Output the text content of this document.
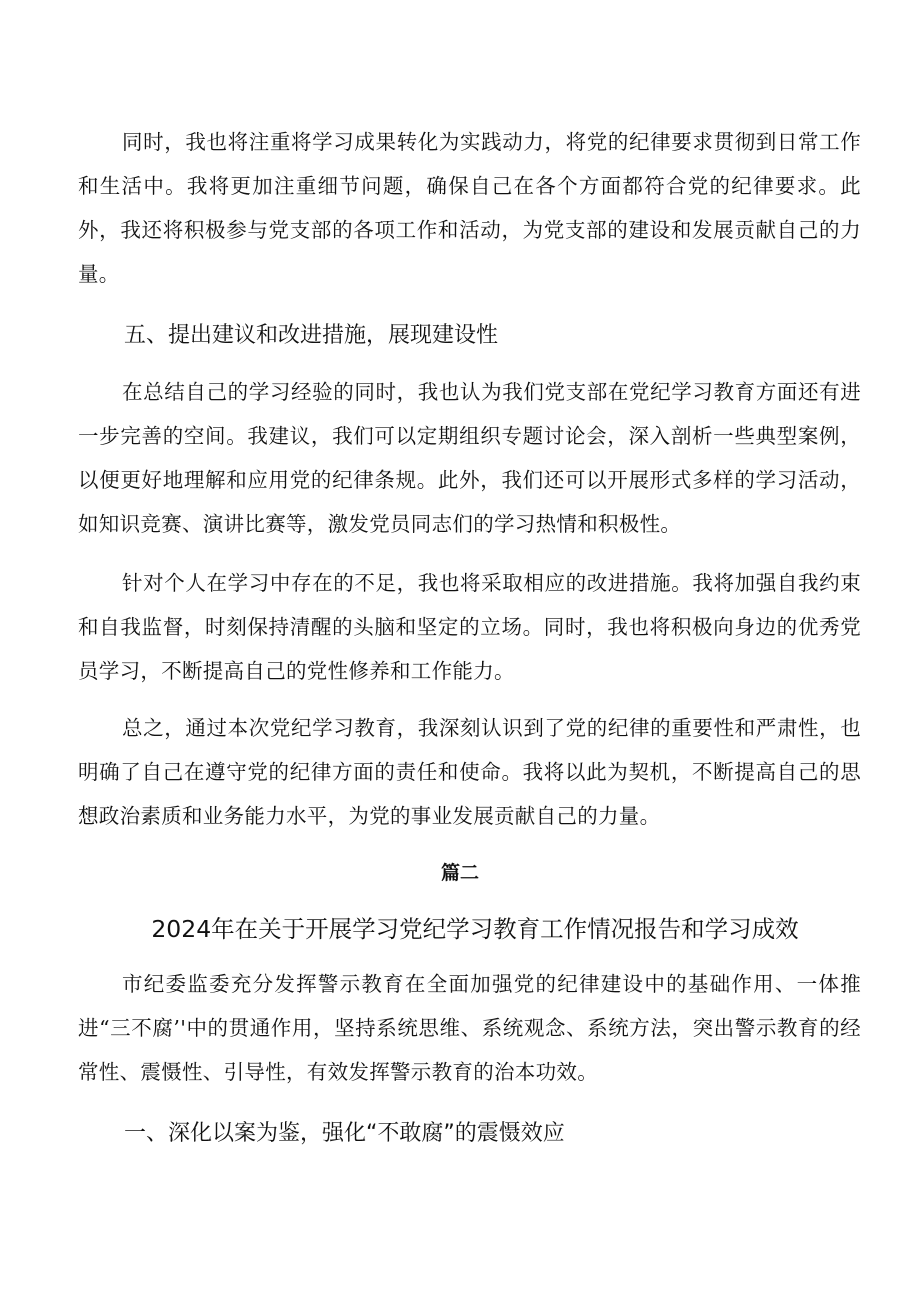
同时，我也将注重将学习成果转化为实践动力，将党的纪律要求贯彻到日常工作和生活中。我将更加注重细节问题，确保自己在各个方面都符合党的纪律要求。此外，我还将积极参与党支部的各项工作和活动，为党支部的建设和发展贡献自己的力量。

五、提出建议和改进措施，展现建设性

在总结自己的学习经验的同时，我也认为我们党支部在党纪学习教育方面还有进一步完善的空间。我建议，我们可以定期组织专题讨论会，深入剖析一些典型案例，以便更好地理解和应用党的纪律条规。此外，我们还可以开展形式多样的学习活动，如知识竞赛、演讲比赛等，激发党员同志们的学习热情和积极性。

针对个人在学习中存在的不足，我也将采取相应的改进措施。我将加强自我约束和自我监督，时刻保持清醒的头脑和坚定的立场。同时，我也将积极向身边的优秀党员学习，不断提高自己的党性修养和工作能力。

总之，通过本次党纪学习教育，我深刻认识到了党的纪律的重要性和严肃性，也明确了自己在遵守党的纪律方面的责任和使命。我将以此为契机，不断提高自己的思想政治素质和业务能力水平，为党的事业发展贡献自己的力量。

篇二

2024年在关于开展学习党纪学习教育工作情况报告和学习成效

市纪委监委充分发挥警示教育在全面加强党的纪律建设中的基础作用、一体推进“三不腐’'中的贯通作用，坚持系统思维、系统观念、系统方法，突出警示教育的经常性、震慑性、引导性，有效发挥警示教育的治本功效。

一、深化以案为鉴，强化“不敢腐”的震慑效应
